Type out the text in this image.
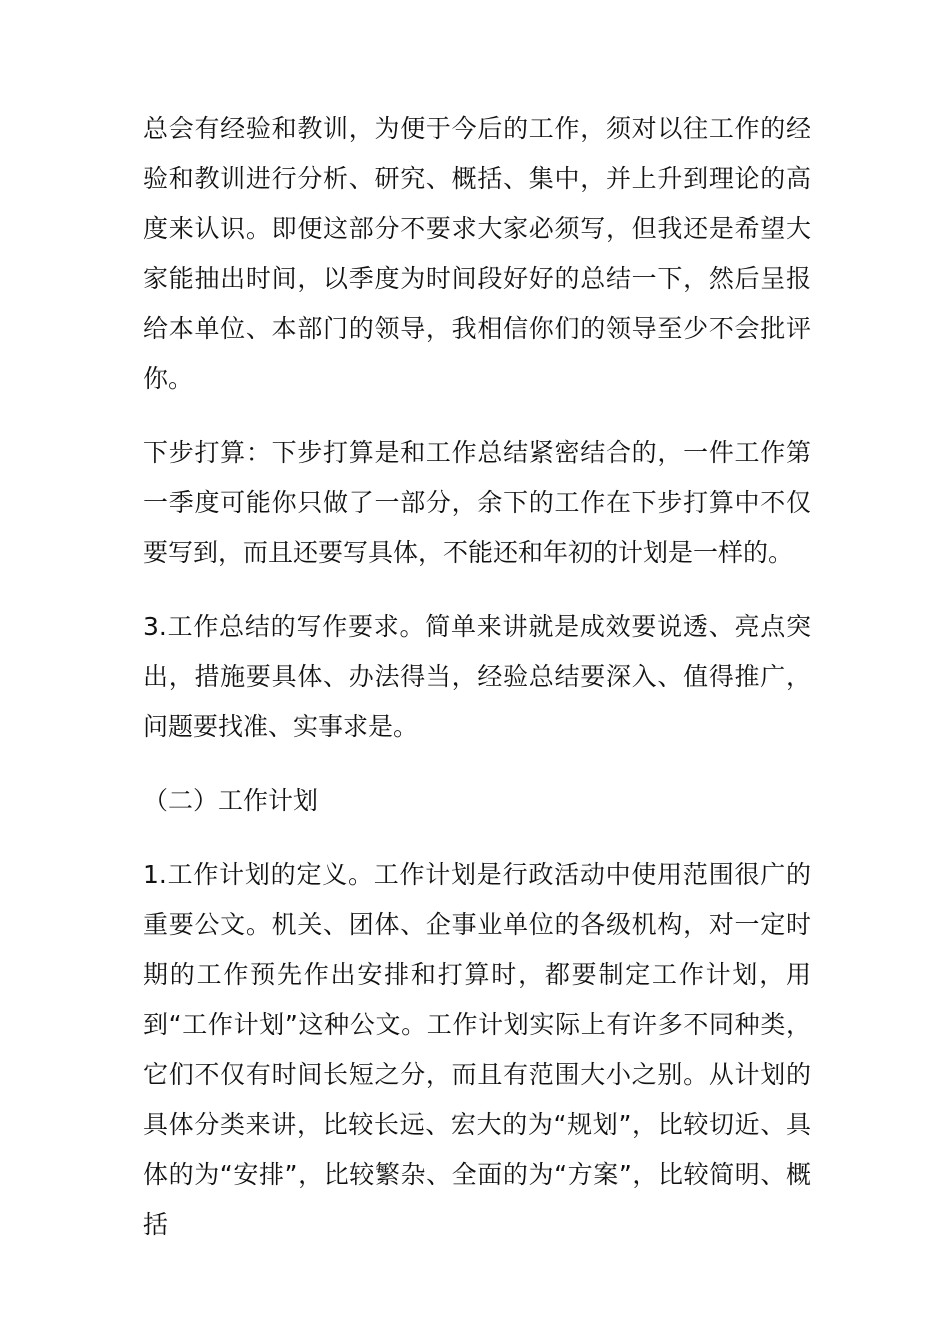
总会有经验和教训，为便于今后的工作，须对以往工作的经验和教训进行分析、研究、概括、集中，并上升到理论的高度来认识。即便这部分不要求大家必须写，但我还是希望大家能抽出时间，以季度为时间段好好的总结一下，然后呈报给本单位、本部门的领导，我相信你们的领导至少不会批评你。

下步打算：下步打算是和工作总结紧密结合的，一件工作第一季度可能你只做了一部分，余下的工作在下步打算中不仅要写到，而且还要写具体，不能还和年初的计划是一样的。

3.工作总结的写作要求。简单来讲就是成效要说透、亮点突出，措施要具体、办法得当，经验总结要深入、值得推广，问题要找准、实事求是。

（二）工作计划

1.工作计划的定义。工作计划是行政活动中使用范围很广的重要公文。机关、团体、企事业单位的各级机构，对一定时期的工作预先作出安排和打算时，都要制定工作计划，用到“工作计划”这种公文。工作计划实际上有许多不同种类，它们不仅有时间长短之分，而且有范围大小之别。从计划的具体分类来讲，比较长远、宏大的为“规划”，比较切近、具体的为“安排”，比较繁杂、全面的为“方案”，比较简明、概括
